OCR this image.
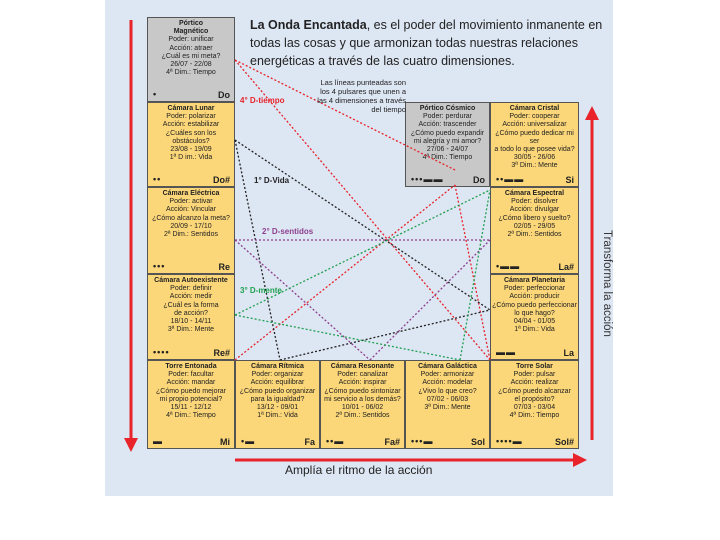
Pórtico
Magnético
Poder: unificar
Acción: atraer
¿Cuál es mi meta?
26/07 - 22/08
4ª Dim.: Tiempo
•	Do
Cámara Lunar
Poder: polarizar
Acción: estabilizar
¿Cuáles son los
obstáculos?
23/08 - 19/09
1ª D im.: Vida
••	Do#
Cámara Eléctrica
Poder: activar
Acción: Vincular
¿Cómo alcanzo la meta?
20/09 - 17/10
2ª Dim.: Sentidos
•••	Re
Cámara Autoexistente
Poder: definir
Acción: medir
¿Cuál es la forma
de acción?
18/10 - 14/11
3ª Dim.: Mente
••••	Re#
Torre Entonada
Poder: facultar
Acción: mandar
¿Cómo puedo mejorar
mi propio potencial?
15/11 - 12/12
4ª Dim.: Tiempo
▬	Mi
Cámara Rítmica
Poder: organizar
Acción: equilibrar
¿Cómo puedo organizar
para la igualdad?
13/12 - 09/01
1ª Dim.: Vida
•▬	Fa
Cámara Resonante
Poder: canalizar
Acción: inspirar
¿Cómo puedo sintonizar
mi servicio a los demás?
10/01 - 06/02
2ª Dim.: Sentidos
••▬	Fa#
Cámara Galáctica
Poder: armonizar
Acción: modelar
¿Vivo lo que creo?
07/02 - 06/03
3ª Dim.: Mente
•••▬	Sol
Torre Solar
Poder: pulsar
Acción: realizar
¿Cómo puedo alcanzar
el propósito?
07/03 - 03/04
4ª Dim.: Tiempo
••••▬	Sol#
Pórtico Cósmico
Poder: perdurar
Acción: trascender
¿Cómo puedo expandir
mi alegría y mi amor?
27/06 - 24/07
4ª Dim.: Tiempo
•••▬▬	Do
Cámara Cristal
Poder: cooperar
Acción: universalizar
¿Cómo puedo dedicar mi ser
a todo lo que posee vida?
30/05 - 26/06
3ª Dim.: Mente
••▬▬	Si
Cámara Espectral
Poder: disolver
Acción: divulgar
¿Cómo libero y suelto?
02/05 - 29/05
2ª Dim.: Sentidos
•▬▬	La#
Cámara Planetaria
Poder: perfeccionar
Acción: producir
¿Cómo puedo perfeccionar
lo que hago?
04/04 - 01/05
1ª Dim.: Vida
▬▬	La
La Onda Encantada, es el poder del movimiento inmanente en todas las cosas y que armonizan todas nuestras relaciones energéticas a través de las cuatro dimensiones.
Las líneas punteadas son los 4 pulsares que unen a las 4 dimensiones a través del tiempo
4° D-tiempo
1° D-Vida
2° D-sentidos
3° D-mente	Transforma la acción
Amplía el ritmo de la acción
